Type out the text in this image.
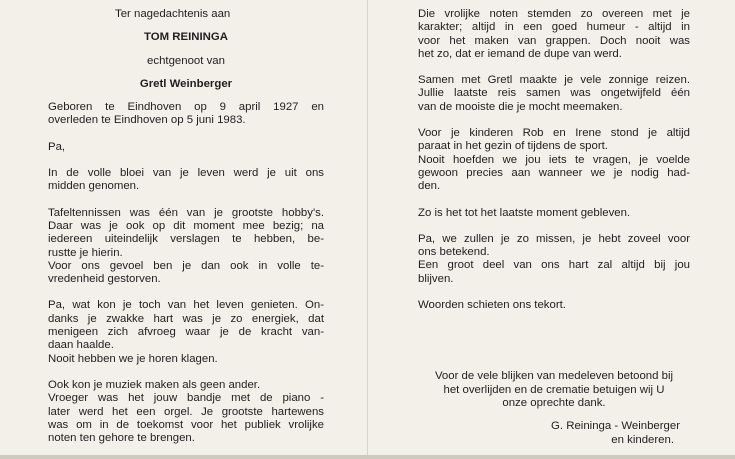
Ter nagedachtenis aan
TOM REININGA
echtgenoot van
Gretl Weinberger
Geboren te Eindhoven op 9 april 1927 en
overleden te Eindhoven op 5 juni 1983.
Pa,
In de volle bloei van je leven werd je uit ons
midden genomen.
Tafeltennissen was één van je grootste hobby's.
Daar was je ook op dit moment mee bezig; na
iedereen uiteindelijk verslagen te hebben, be-
rustte je hierin.
Voor ons gevoel ben je dan ook in volle te-
vredenheid gestorven.
Pa, wat kon je toch van het leven genieten. On-
danks je zwakke hart was je zo energiek, dat
menigeen zich afvroeg waar je de kracht van-
daan haalde.
Nooit hebben we je horen klagen.
Ook kon je muziek maken als geen ander.
Vroeger was het jouw bandje met de piano -
later werd het een orgel. Je grootste hartewens
was om in de toekomst voor het publiek vrolijke
noten ten gehore te brengen.
Die vrolijke noten stemden zo overeen met je
karakter; altijd in een goed humeur - altijd in
voor het maken van grappen. Doch nooit was
het zo, dat er iemand de dupe van werd.
Samen met Gretl maakte je vele zonnige reizen.
Jullie laatste reis samen was ongetwijfeld één
van de mooiste die je mocht meemaken.
Voor je kinderen Rob en Irene stond je altijd
paraat in het gezin of tijdens de sport.
Nooit hoefden we jou iets te vragen, je voelde
gewoon precies aan wanneer we je nodig had-
den.
Zo is het tot het laatste moment gebleven.
Pa, we zullen je zo missen, je hebt zoveel voor
ons betekend.
Een groot deel van ons hart zal altijd bij jou
blijven.
Woorden schieten ons tekort.
Voor de vele blijken van medeleven betoond bij
het overlijden en de crematie betuigen wij U
onze oprechte dank.
G. Reininga - Weinberger
en kinderen.
